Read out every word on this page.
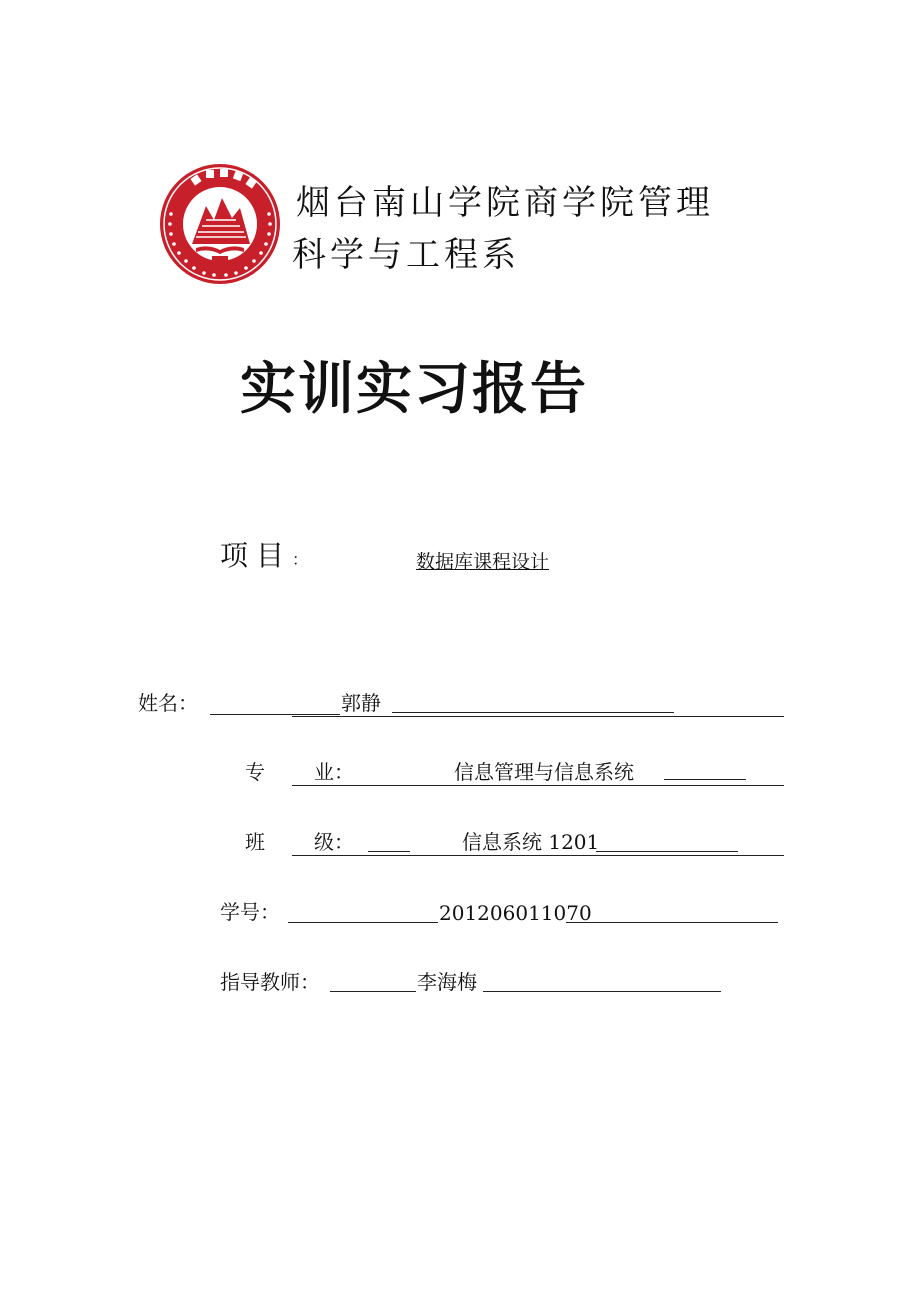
烟台南山学院商学院管理
科学与工程系
实训实习报告
项目：	数据库课程设计
姓名：	郭静
专 业：	信息管理与信息系统
班 级：	信息系统 1201
学号：	201206011070
指导教师：	李海梅
